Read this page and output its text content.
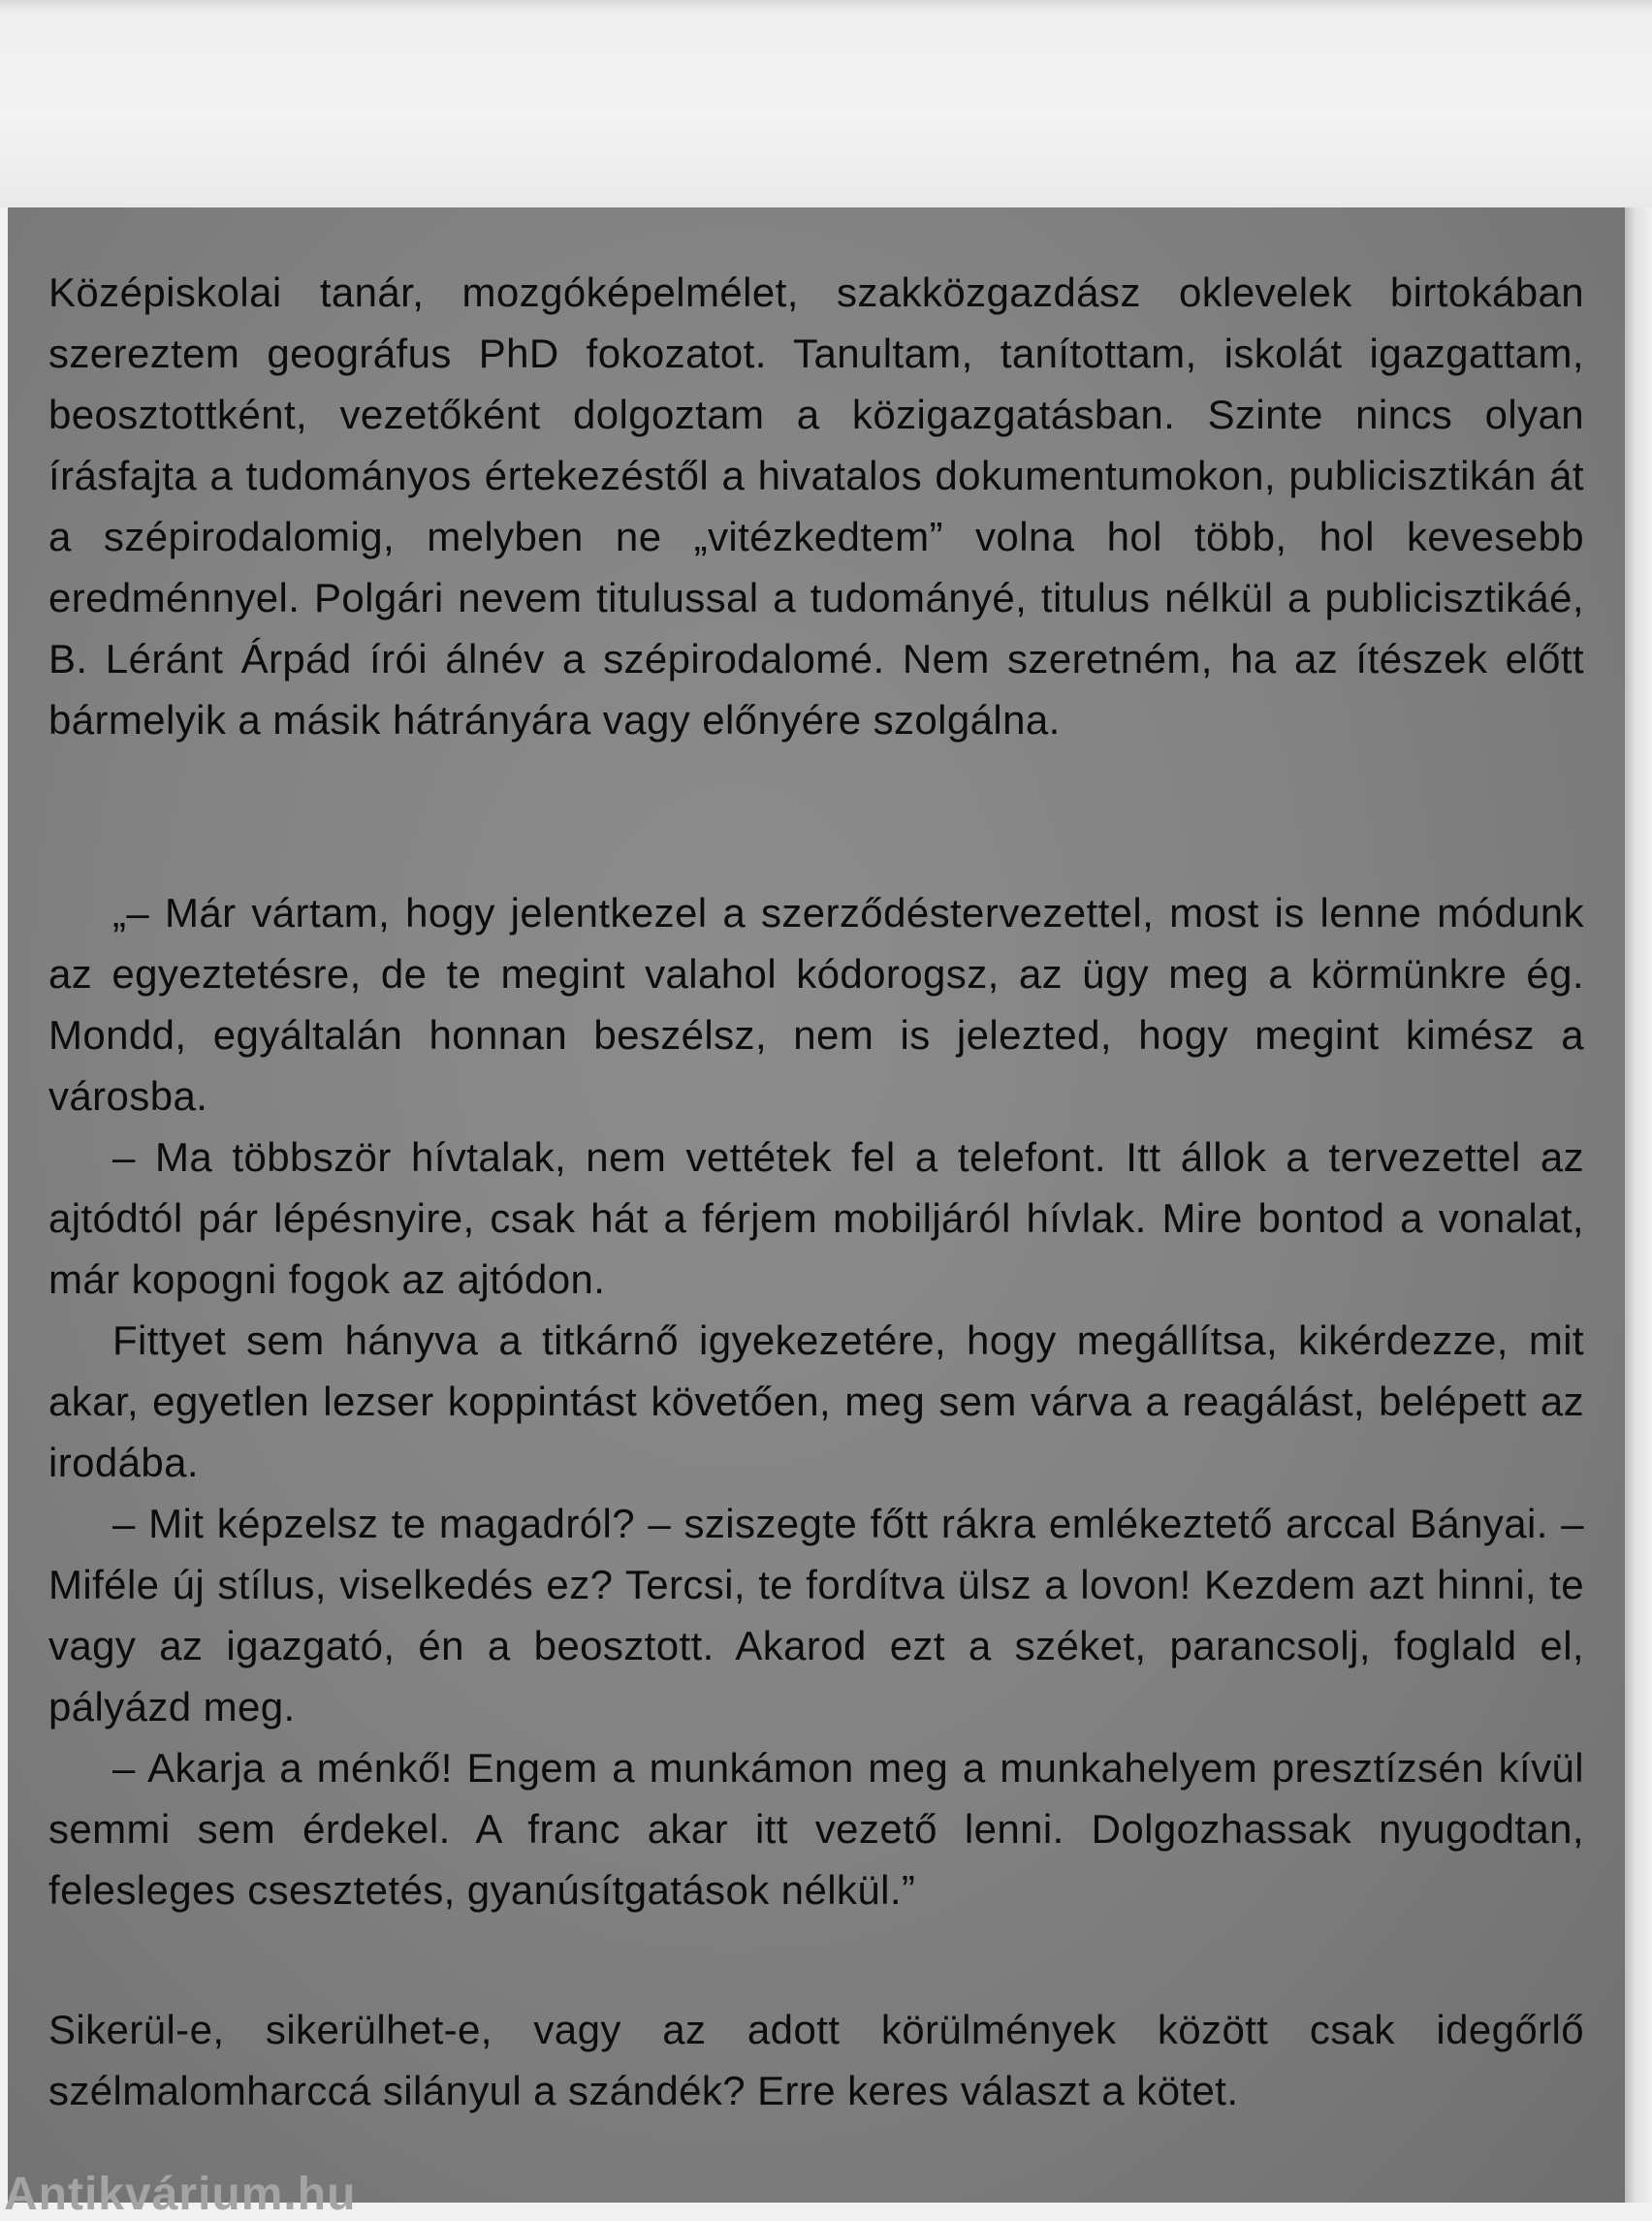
Középiskolai tanár, mozgóképelmélet, szakközgazdász oklevelek birtokában szereztem geográfus PhD fokozatot. Tanultam, tanítottam, iskolát igazgattam, beosztottként, vezetőként dolgoztam a közigazgatásban. Szinte nincs olyan írásfajta a tudományos értekezéstől a hivatalos dokumentumokon, publicisztikán át a szépirodalomig, melyben ne „vitézkedtem” volna hol több, hol kevesebb eredménnyel. Polgári nevem titulussal a tudományé, titulus nélkül a publicisztikáé, B. Léránt Árpád írói álnév a szépirodalomé. Nem szeretném, ha az ítészek előtt bármelyik a másik hátrányára vagy előnyére szolgálna.

„– Már vártam, hogy jelentkezel a szerződéstervezettel, most is lenne módunk az egyeztetésre, de te megint valahol kódorogsz, az ügy meg a körmünkre ég. Mondd, egyáltalán honnan beszélsz, nem is jelezted, hogy megint kimész a városba.

– Ma többször hívtalak, nem vettétek fel a telefont. Itt állok a tervezettel az ajtódtól pár lépésnyire, csak hát a férjem mobiljáról hívlak. Mire bontod a vonalat, már kopogni fogok az ajtódon.

Fittyet sem hányva a titkárnő igyekezetére, hogy megállítsa, kikérdezze, mit akar, egyetlen lezser koppintást követően, meg sem várva a reagálást, belépett az irodába.

– Mit képzelsz te magadról? – sziszegte főtt rákra emlékeztető arccal Bányai. – Miféle új stílus, viselkedés ez? Tercsi, te fordítva ülsz a lovon! Kezdem azt hinni, te vagy az igazgató, én a beosztott. Akarod ezt a széket, parancsolj, foglald el, pályázd meg.

– Akarja a ménkő! Engem a munkámon meg a munkahelyem presztízsén kívül semmi sem érdekel. A franc akar itt vezető lenni. Dolgozhassak nyugodtan, felesleges csesztetés, gyanúsítgatások nélkül.”

Sikerül-e, sikerülhet-e, vagy az adott körülmények között csak idegőrlő szélmalomharccá silányul a szándék? Erre keres választ a kötet.

Antikvárium.hu
